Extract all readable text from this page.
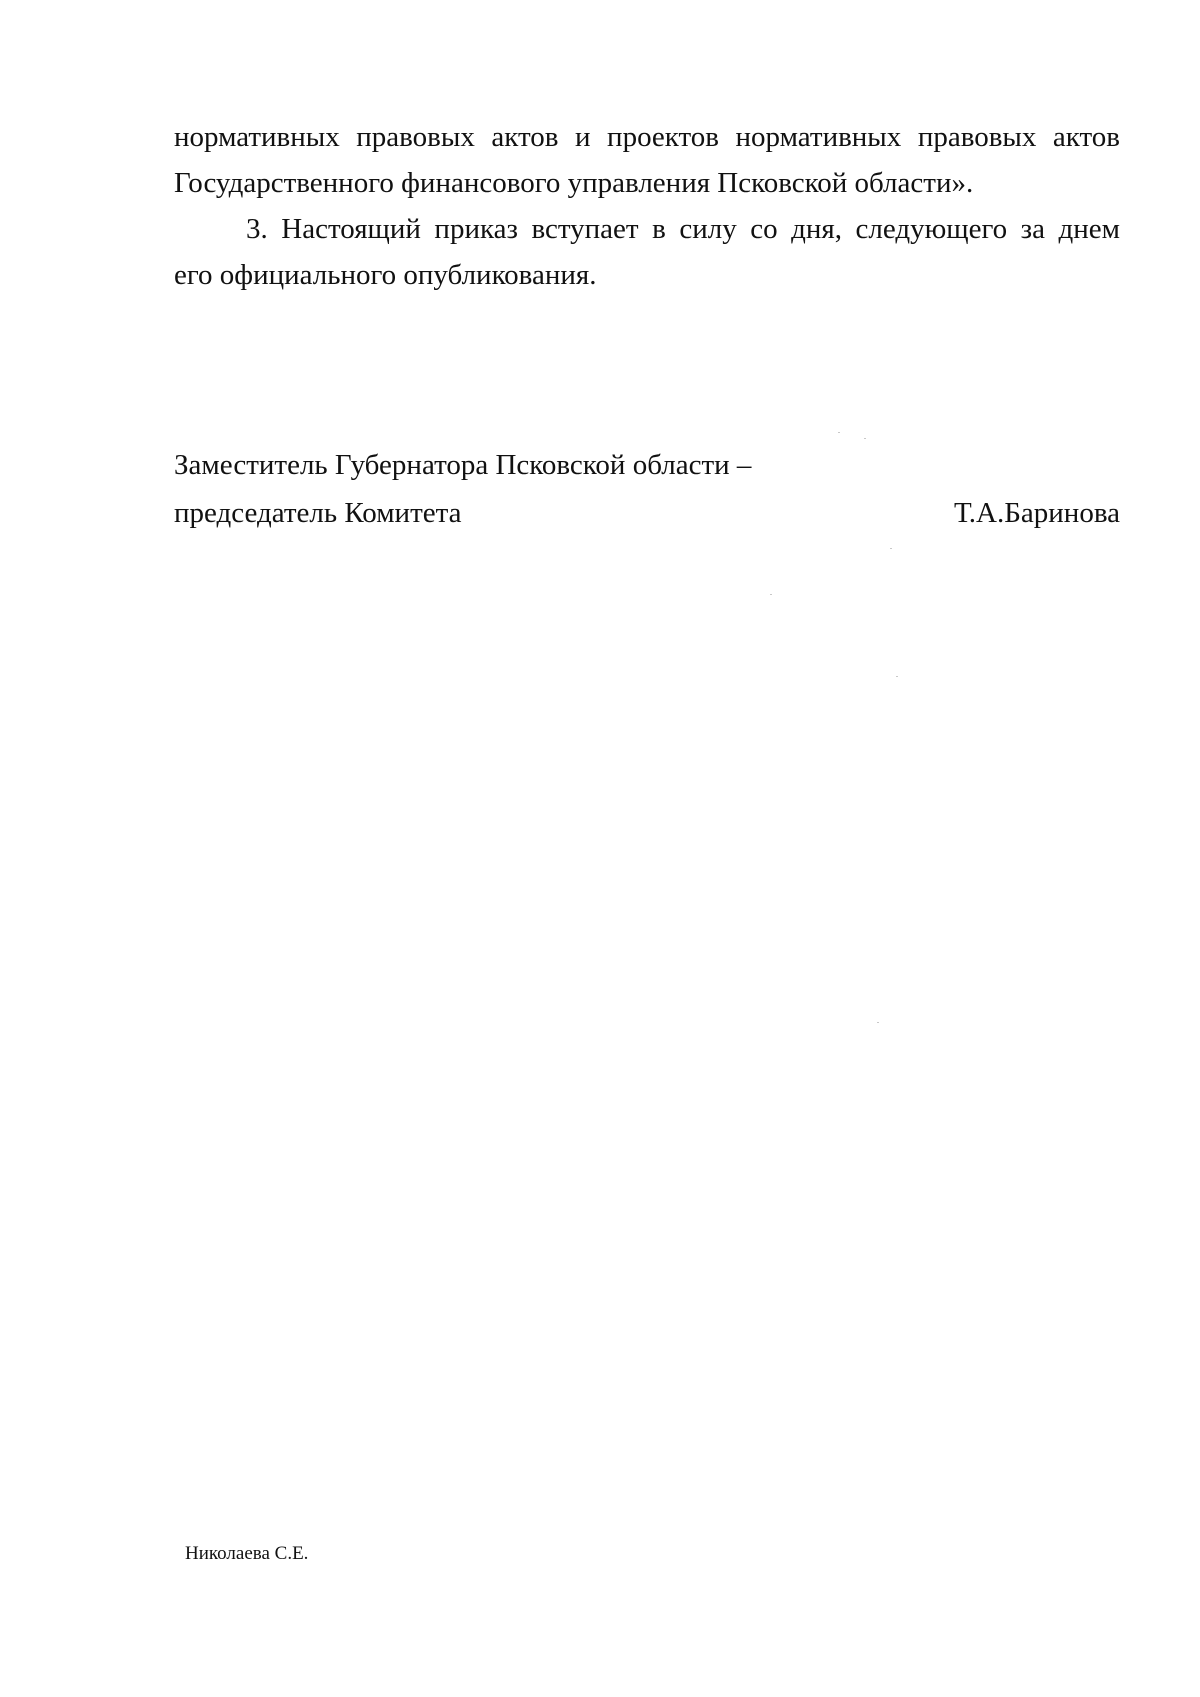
нормативных правовых актов и проектов нормативных правовых актов
Государственного финансового управления Псковской области».

3. Настоящий приказ вступает в силу со дня, следующего за днем
его официального опубликования.

Заместитель Губернатора Псковской области –
председатель Комитета	Т.А.Баринова
Николаева С.Е.
